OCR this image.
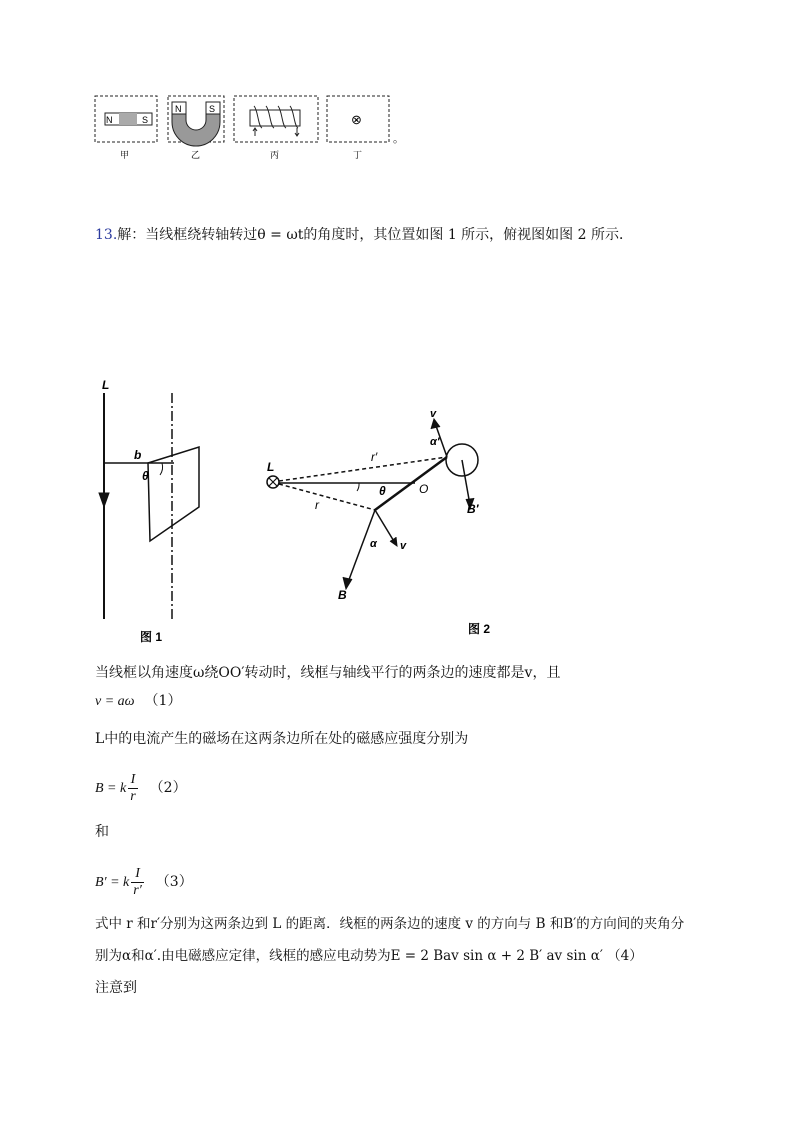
N	S
N	S
⊗
。
甲	乙	丙	丁
13.解：当线框绕转轴转过θ = ωt的角度时，其位置如图 1 所示，俯视图如图 2 所示．
L
b
θ
图 1
L
r′
r
θ	O
v
α′
B′
α v
B
图 2
当线框以角速度ω绕OO′转动时，线框与轴线平行的两条边的速度都是v，且
v = aω （1）
L中的电流产生的磁场在这两条边所在处的磁感应强度分别为
B = k $\frac{I}{r} (2)$
和
B′ = k $\frac{I}{r'} (3)$
式中 r 和r′分别为这两条边到 L 的距离．线框的两条边的速度 v 的方向与 B 和B′的方向间的夹角分
别为α和α′.由电磁感应定律，线框的感应电动势为E = 2 Bav sin α + 2 B′ av sin α′ （4）
注意到
